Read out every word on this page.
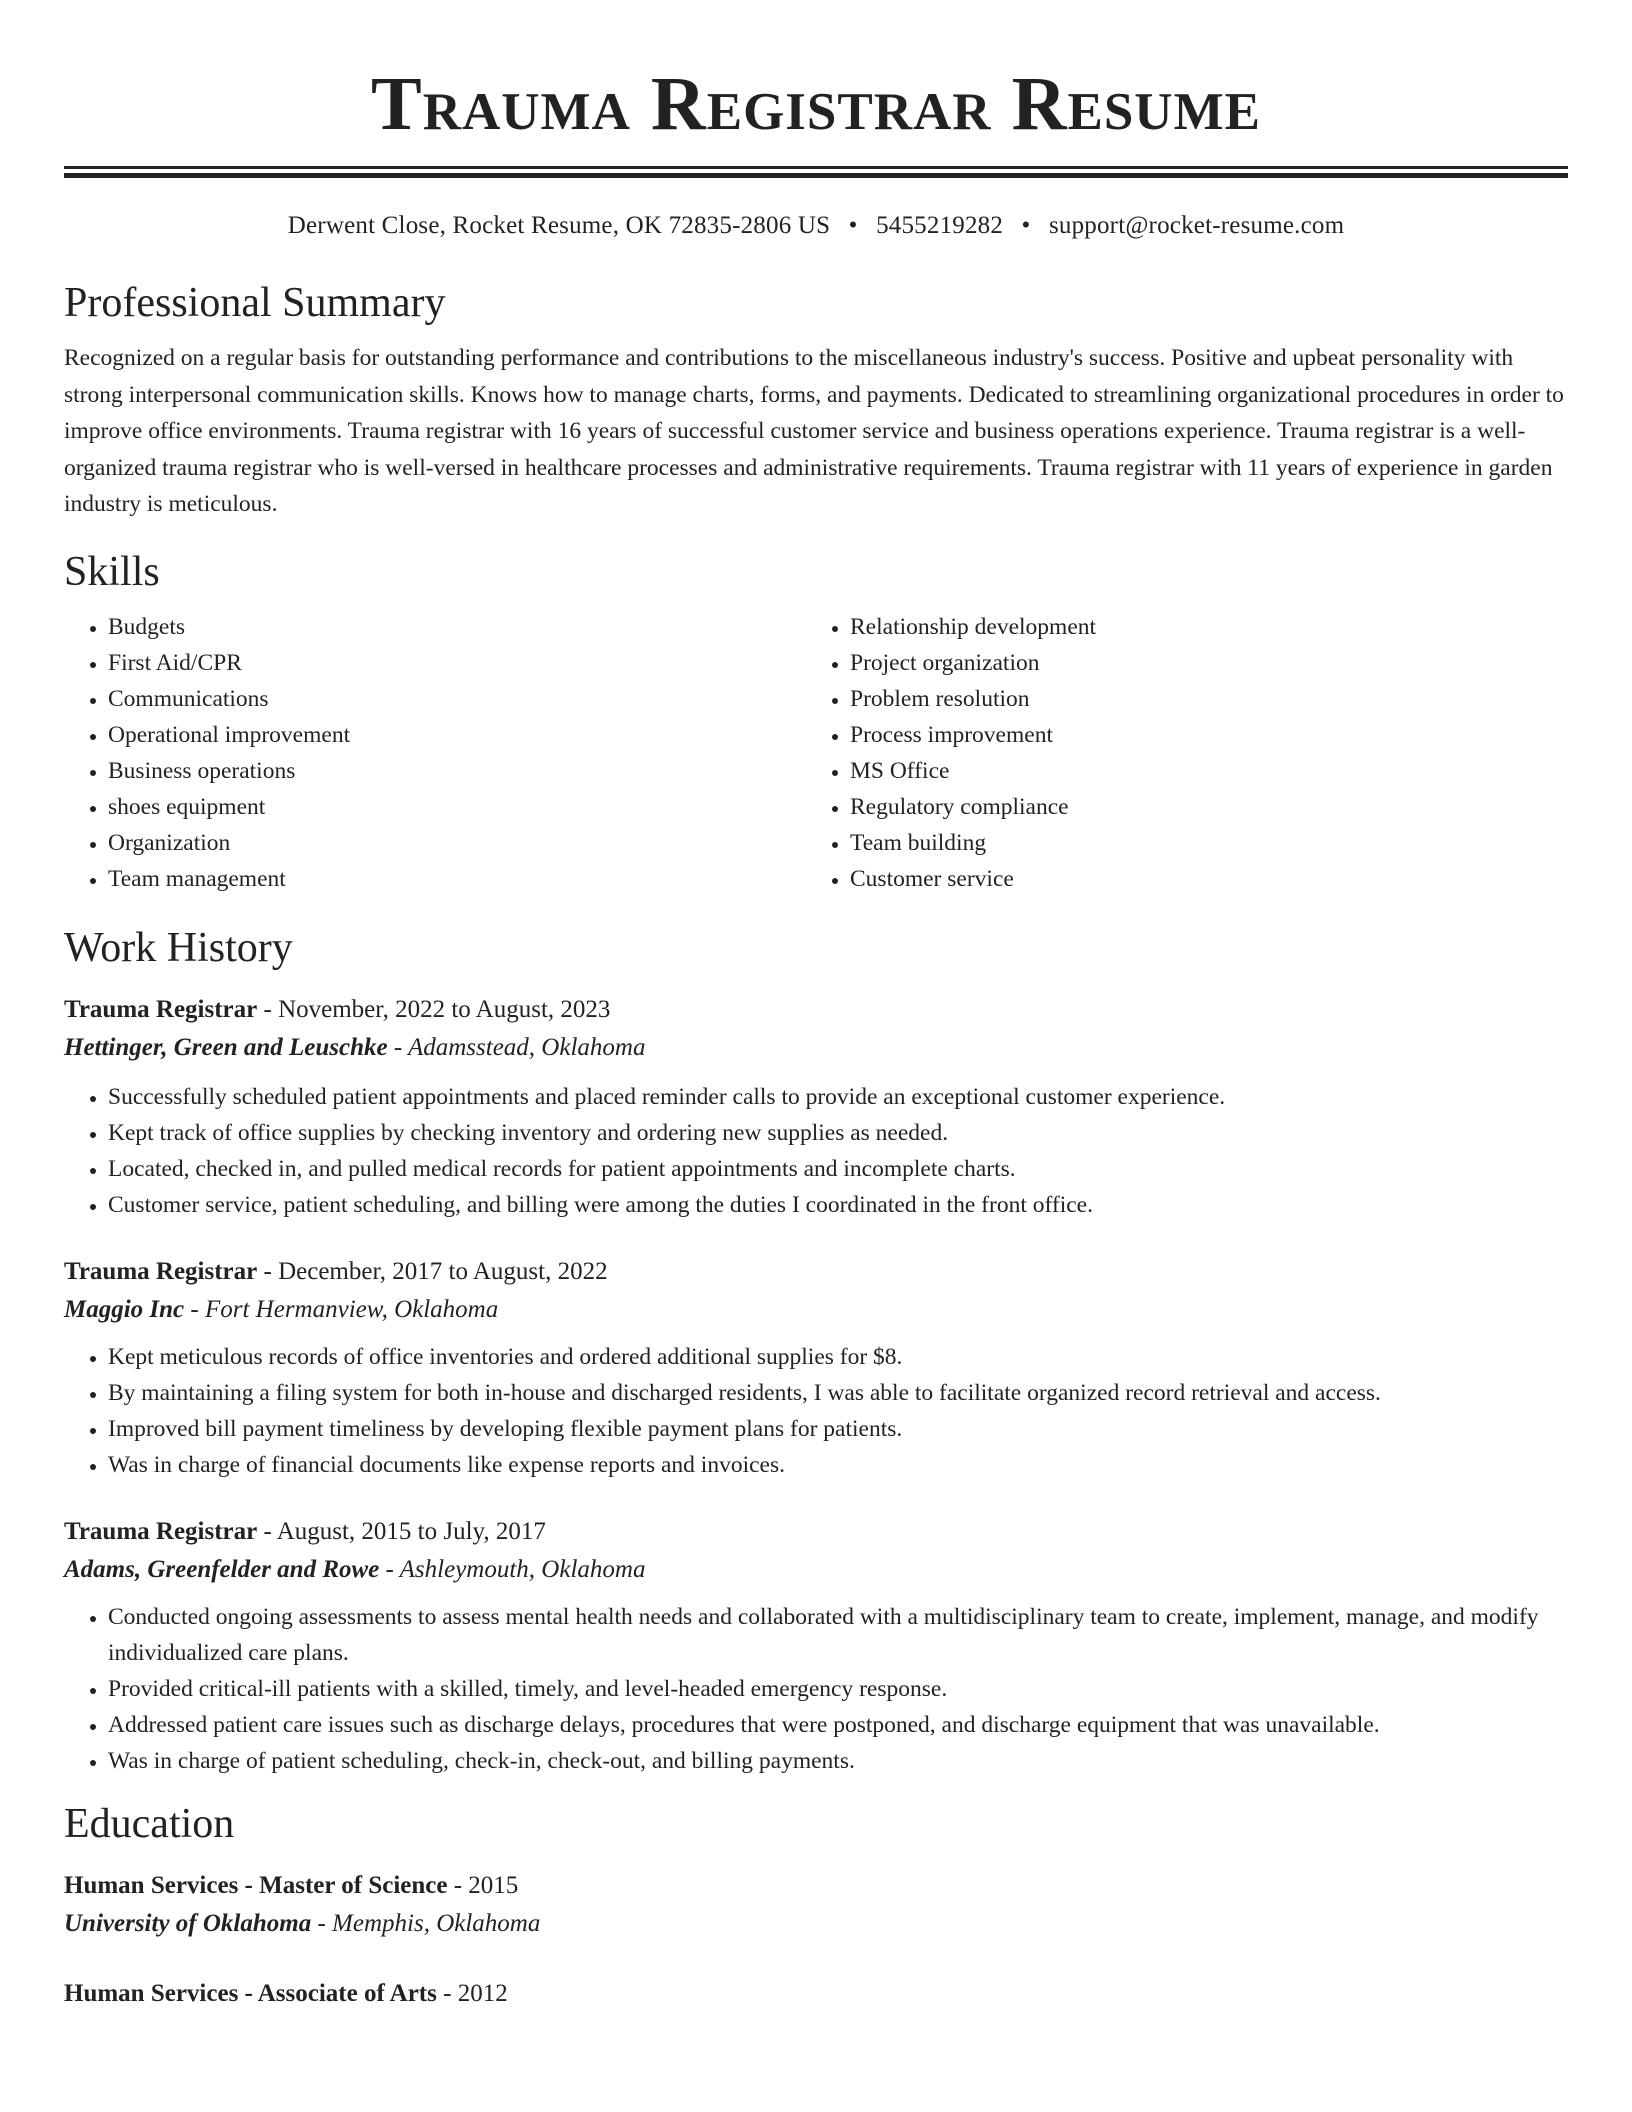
Trauma Registrar Resume
Derwent Close, Rocket Resume, OK 72835-2806 US • 5455219282 • support@rocket-resume.com
Professional Summary

Recognized on a regular basis for outstanding performance and contributions to the miscellaneous industry's success. Positive and upbeat personality with strong interpersonal communication skills. Knows how to manage charts, forms, and payments. Dedicated to streamlining organizational procedures in order to improve office environments. Trauma registrar with 16 years of successful customer service and business operations experience. Trauma registrar is a well-organized trauma registrar who is well-versed in healthcare processes and administrative requirements. Trauma registrar with 11 years of experience in garden industry is meticulous.

Skills
• Budgets
• First Aid/CPR
• Communications
• Operational improvement
• Business operations
• shoes equipment
• Organization
• Team management
• Relationship development
• Project organization
• Problem resolution
• Process improvement
• MS Office
• Regulatory compliance
• Team building
• Customer service
Work History

Trauma Registrar - November, 2022 to August, 2023

Hettinger, Green and Leuschke - Adamsstead, Oklahoma

• Successfully scheduled patient appointments and placed reminder calls to provide an exceptional customer experience.
• Kept track of office supplies by checking inventory and ordering new supplies as needed.
• Located, checked in, and pulled medical records for patient appointments and incomplete charts.
• Customer service, patient scheduling, and billing were among the duties I coordinated in the front office.

Trauma Registrar - December, 2017 to August, 2022

Maggio Inc - Fort Hermanview, Oklahoma

• Kept meticulous records of office inventories and ordered additional supplies for $8.
• By maintaining a filing system for both in-house and discharged residents, I was able to facilitate organized record retrieval and access.
• Improved bill payment timeliness by developing flexible payment plans for patients.
• Was in charge of financial documents like expense reports and invoices.

Trauma Registrar - August, 2015 to July, 2017

Adams, Greenfelder and Rowe - Ashleymouth, Oklahoma

• Conducted ongoing assessments to assess mental health needs and collaborated with a multidisciplinary team to create, implement, manage, and modify individualized care plans.
• Provided critical-ill patients with a skilled, timely, and level-headed emergency response.
• Addressed patient care issues such as discharge delays, procedures that were postponed, and discharge equipment that was unavailable.
• Was in charge of patient scheduling, check-in, check-out, and billing payments.
Education

Human Services - Master of Science - 2015

University of Oklahoma - Memphis, Oklahoma

Human Services - Associate of Arts - 2012
